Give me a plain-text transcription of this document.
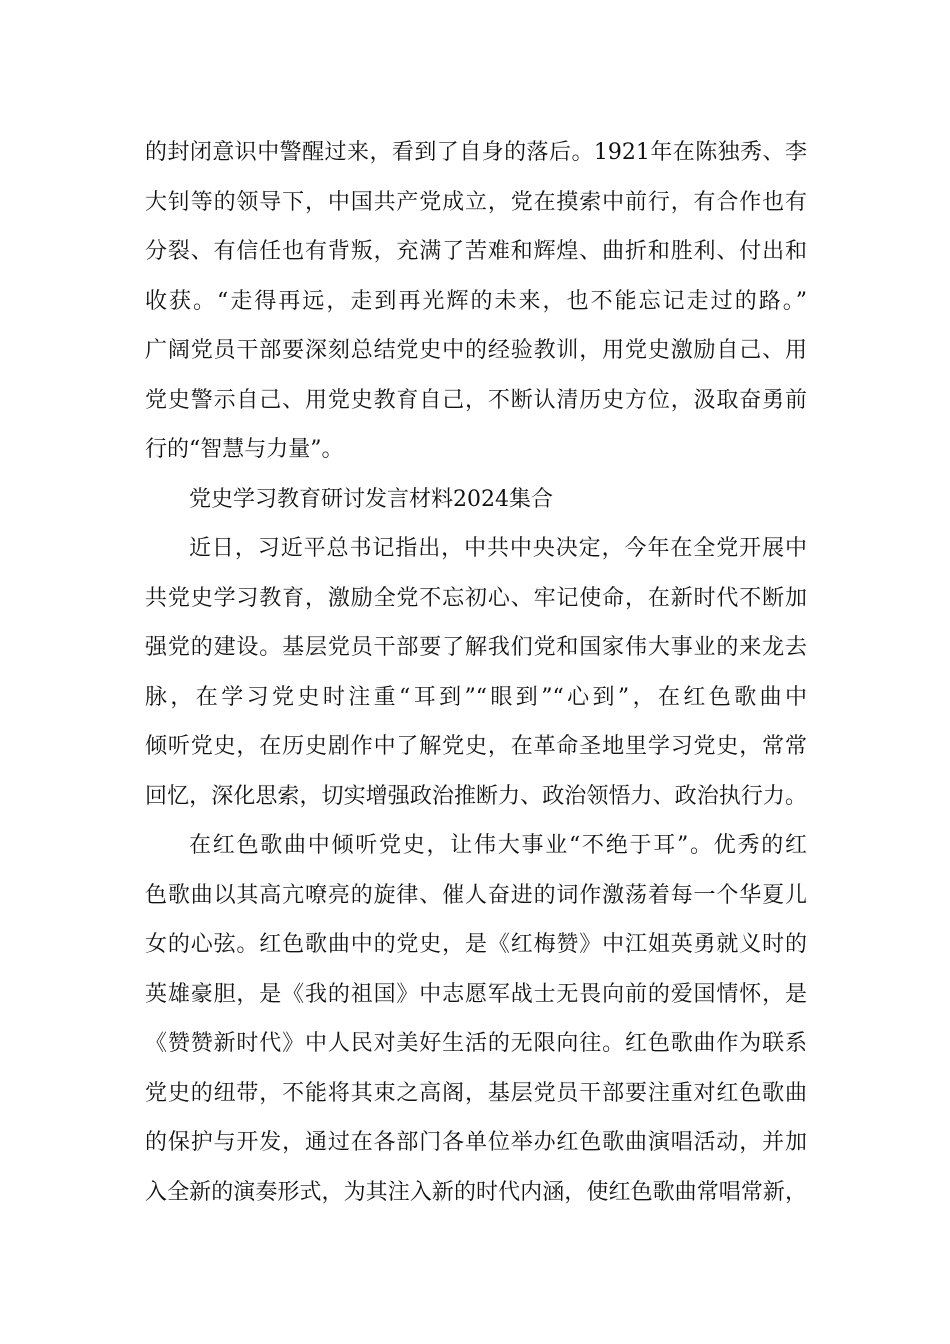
的封闭意识中警醒过来，看到了自身的落后。1921年在陈独秀、李
大钊等的领导下，中国共产党成立，党在摸索中前行，有合作也有
分裂、有信任也有背叛，充满了苦难和辉煌、曲折和胜利、付出和
收获。“走得再远，走到再光辉的未来，也不能忘记走过的路。”
广阔党员干部要深刻总结党史中的经验教训，用党史激励自己、用
党史警示自己、用党史教育自己，不断认清历史方位，汲取奋勇前
行的“智慧与力量”。
党史学习教育研讨发言材料2024集合
近日，习近平总书记指出，中共中央决定，今年在全党开展中
共党史学习教育，激励全党不忘初心、牢记使命，在新时代不断加
强党的建设。基层党员干部要了解我们党和国家伟大事业的来龙去
脉，在学习党史时注重“耳到”“眼到”“心到”，在红色歌曲中
倾听党史，在历史剧作中了解党史，在革命圣地里学习党史，常常
回忆，深化思索，切实增强政治推断力、政治领悟力、政治执行力。
在红色歌曲中倾听党史，让伟大事业“不绝于耳”。优秀的红
色歌曲以其高亢嘹亮的旋律、催人奋进的词作激荡着每一个华夏儿
女的心弦。红色歌曲中的党史，是《红梅赞》中江姐英勇就义时的
英雄豪胆，是《我的祖国》中志愿军战士无畏向前的爱国情怀，是
《赞赞新时代》中人民对美好生活的无限向往。红色歌曲作为联系
党史的纽带，不能将其束之高阁，基层党员干部要注重对红色歌曲
的保护与开发，通过在各部门各单位举办红色歌曲演唱活动，并加
入全新的演奏形式，为其注入新的时代内涵，使红色歌曲常唱常新，
